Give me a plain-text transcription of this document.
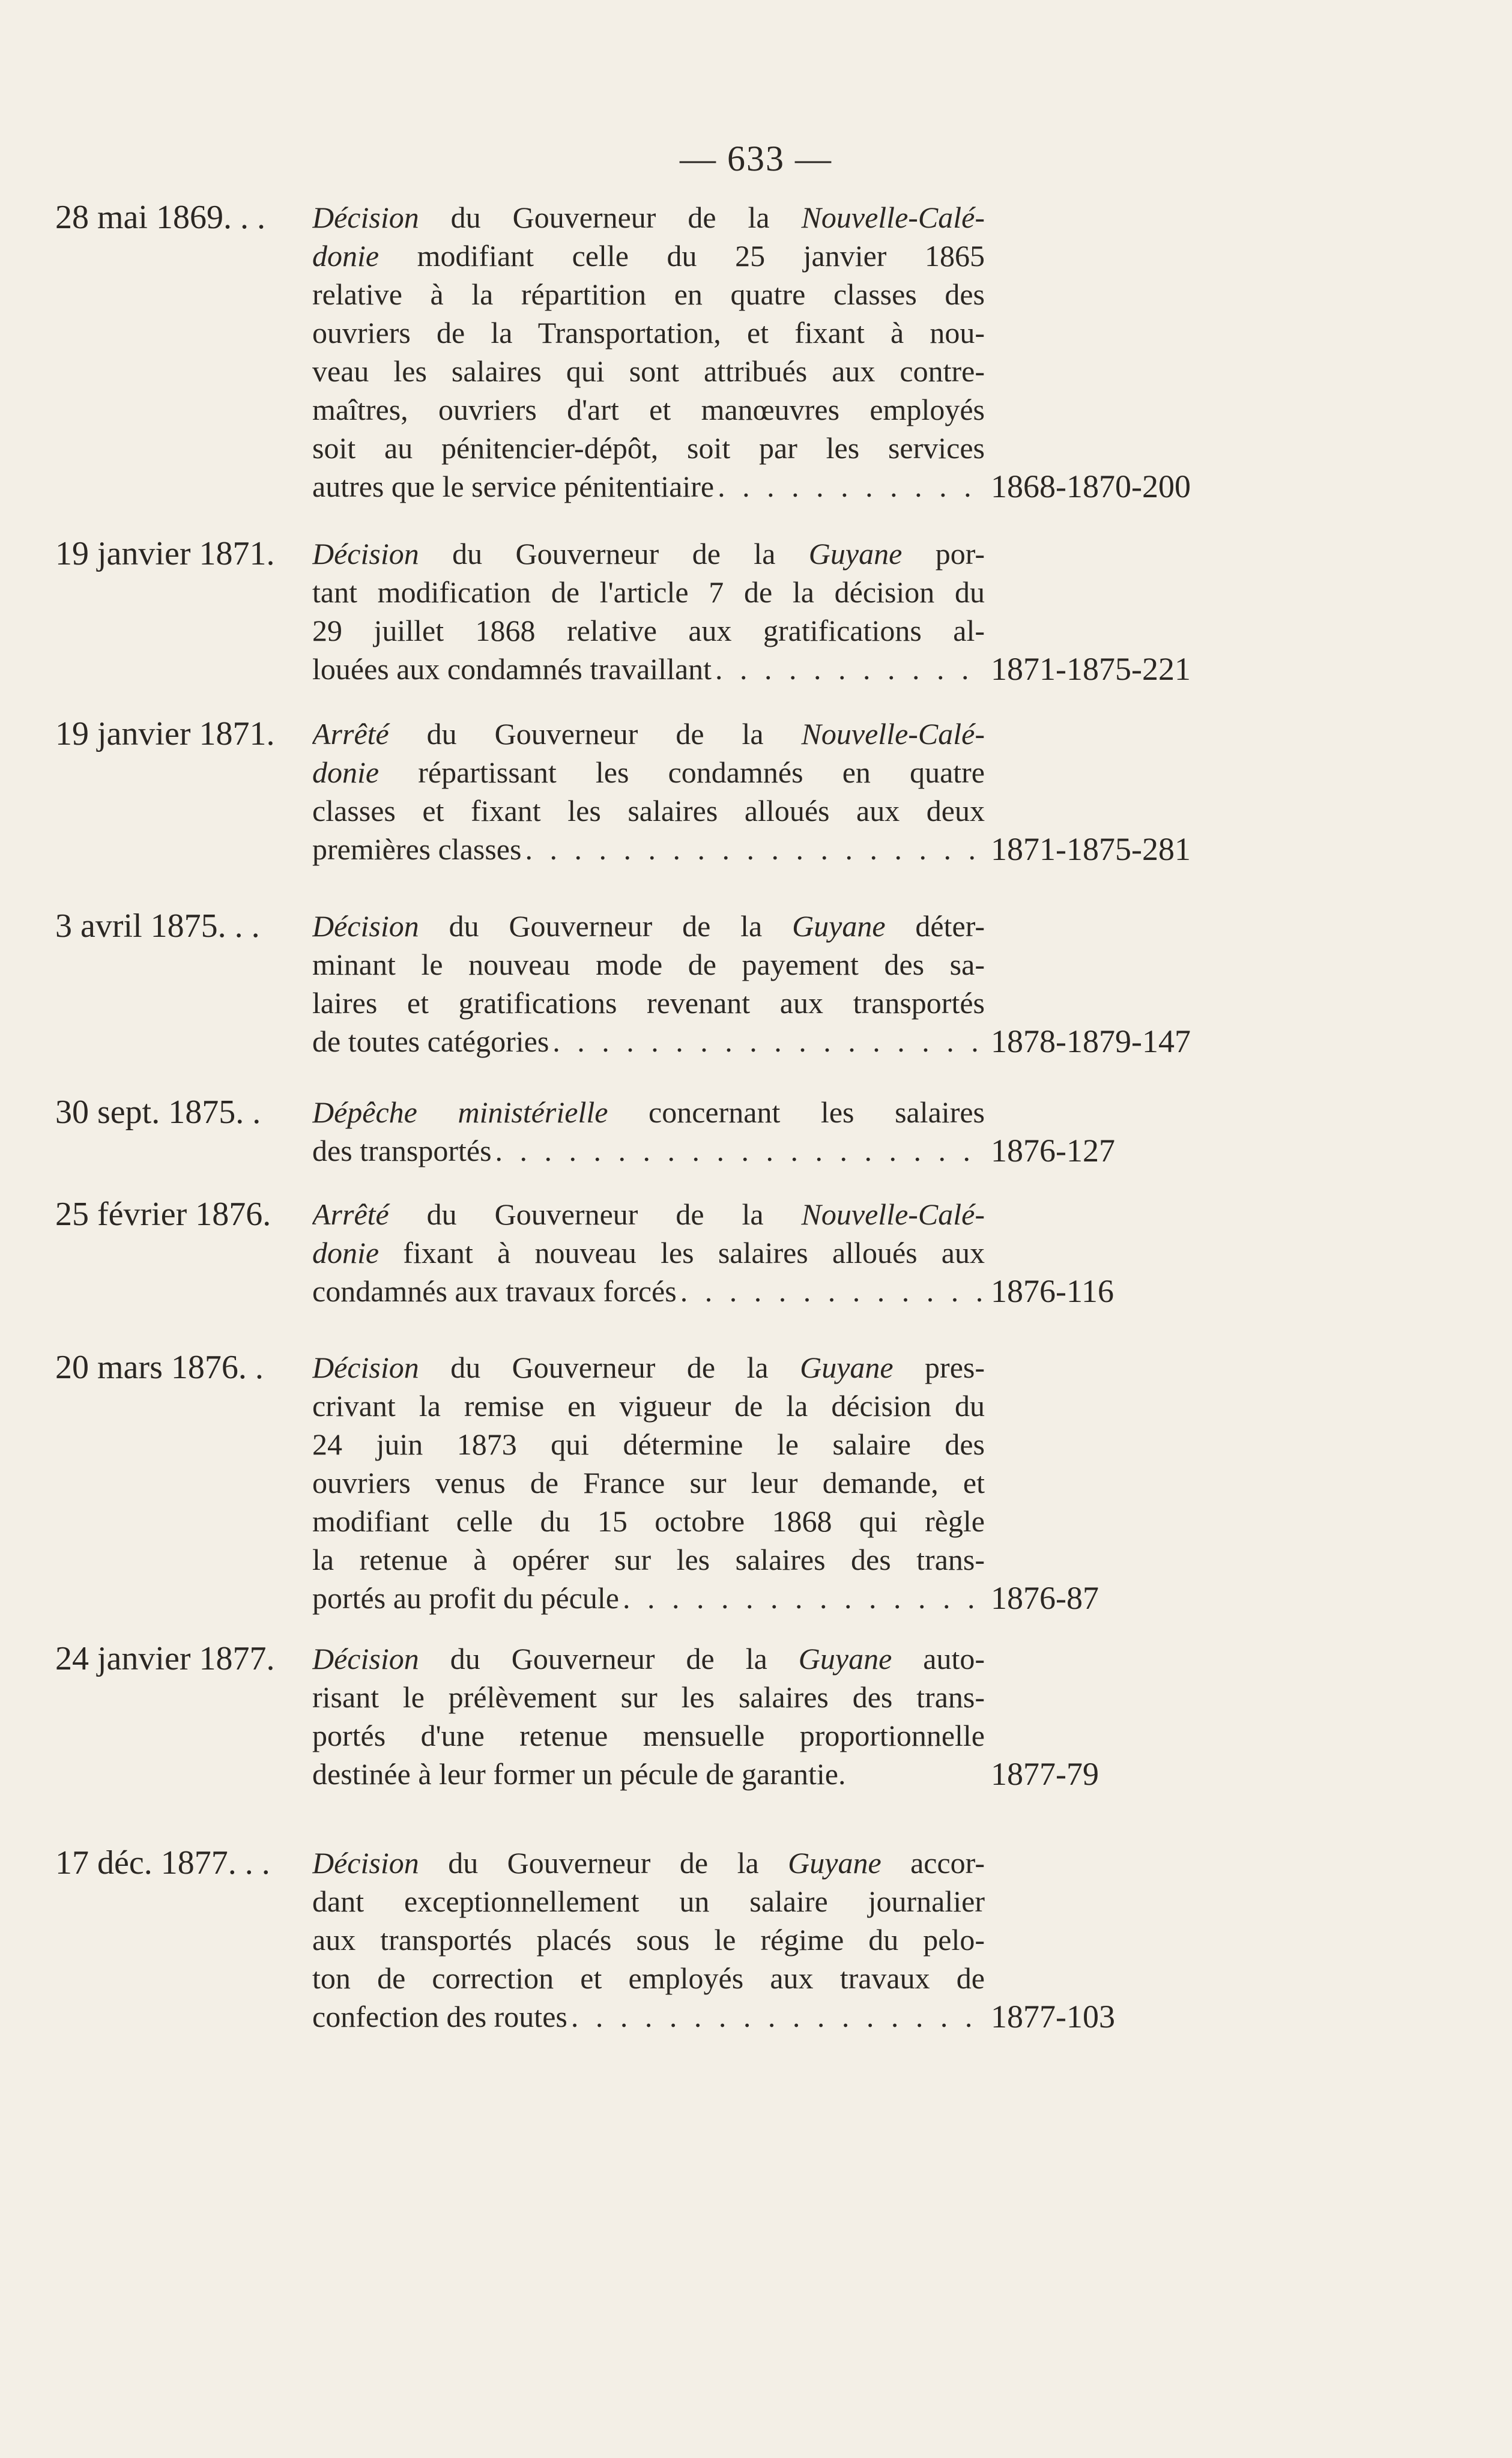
— 633 —
28 mai 1869. . . Décision du Gouverneur de la Nouvelle-Calé-
donie modifiant celle du 25 janvier 1865
relative à la répartition en quatre classes des
ouvriers de la Transportation, et fixant à nou-
veau les salaires qui sont attribués aux contre-
maîtres, ouvriers d'art et manœuvres employés
soit au pénitencier-dépôt, soit par les services
autres que le service pénitentiaire . . .	1868-1870-200
19 janvier 1871. Décision du Gouverneur de la Guyane por-
tant modification de l'article 7 de la décision du
29 juillet 1868 relative aux gratifications al-
louées aux condamnés travaillant . . .	1871-1875-221
19 janvier 1871. Arrêté du Gouverneur de la Nouvelle-Calé-
donie répartissant les condamnés en quatre
classes et fixant les salaires alloués aux deux
premières classes . . .	1871-1875-281
3 avril 1875. . . Décision du Gouverneur de la Guyane déter-
minant le nouveau mode de payement des sa-
laires et gratifications revenant aux transportés
de toutes catégories . . .	1878-1879-147
30 sept. 1875. . Dépêche ministérielle concernant les salaires
des transportés . . .	1876-127
25 février 1876. Arrêté du Gouverneur de la Nouvelle-Calé-
donie fixant à nouveau les salaires alloués aux
condamnés aux travaux forcés . . .	1876-116
20 mars 1876. . Décision du Gouverneur de la Guyane pres-
crivant la remise en vigueur de la décision du
24 juin 1873 qui détermine le salaire des
ouvriers venus de France sur leur demande, et
modifiant celle du 15 octobre 1868 qui règle
la retenue à opérer sur les salaires des trans-
portés au profit du pécule . . .	1876-87
24 janvier 1877. Décision du Gouverneur de la Guyane auto-
risant le prélèvement sur les salaires des trans-
portés d'une retenue mensuelle proportionnelle
destinée à leur former un pécule de garantie.	1877-79
17 déc. 1877. . . Décision du Gouverneur de la Guyane accor-
dant exceptionnellement un salaire journalier
aux transportés placés sous le régime du pelo-
ton de correction et employés aux travaux de
confection des routes . . .	1877-103
